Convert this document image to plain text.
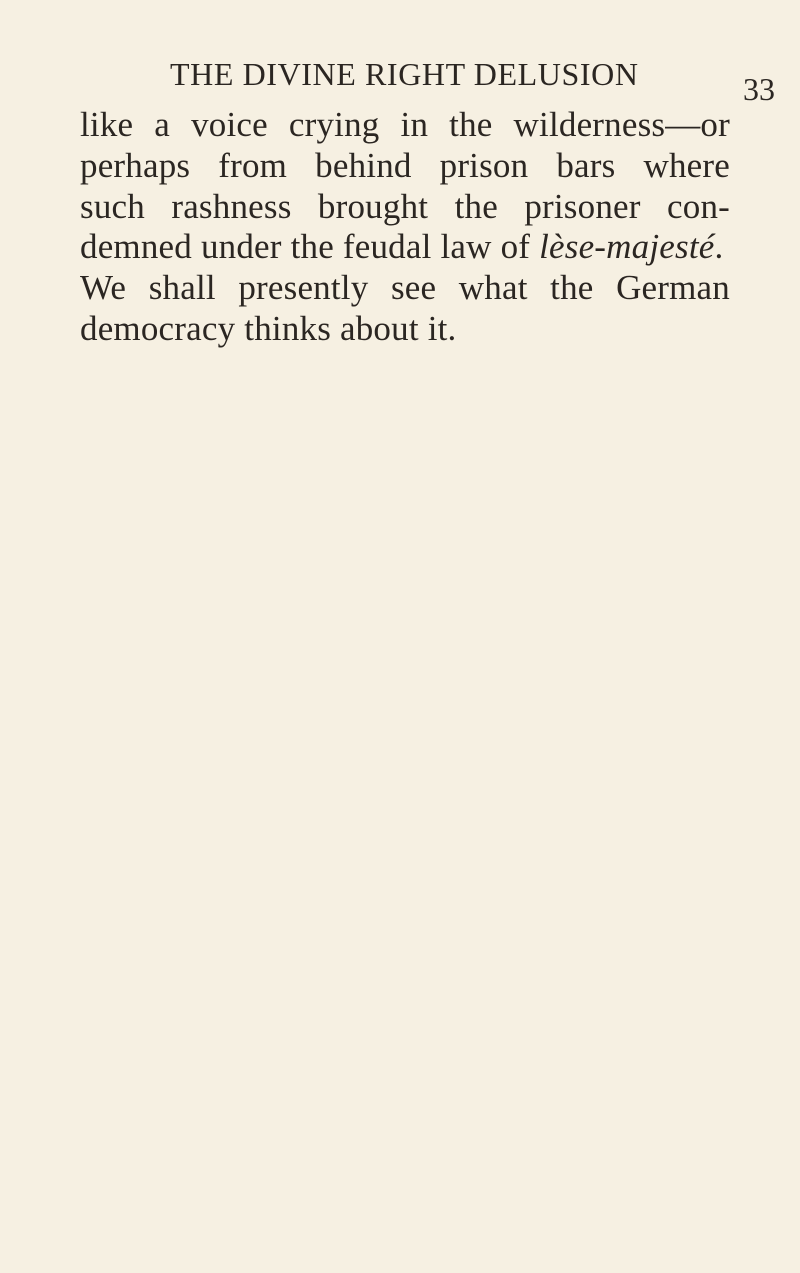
THE DIVINE RIGHT DELUSION	33
like a voice crying in the wilderness—or
perhaps from behind prison bars where
such rashness brought the prisoner con-
demned under the feudal law of lèse-majesté.
We shall presently see what the German
democracy thinks about it.
